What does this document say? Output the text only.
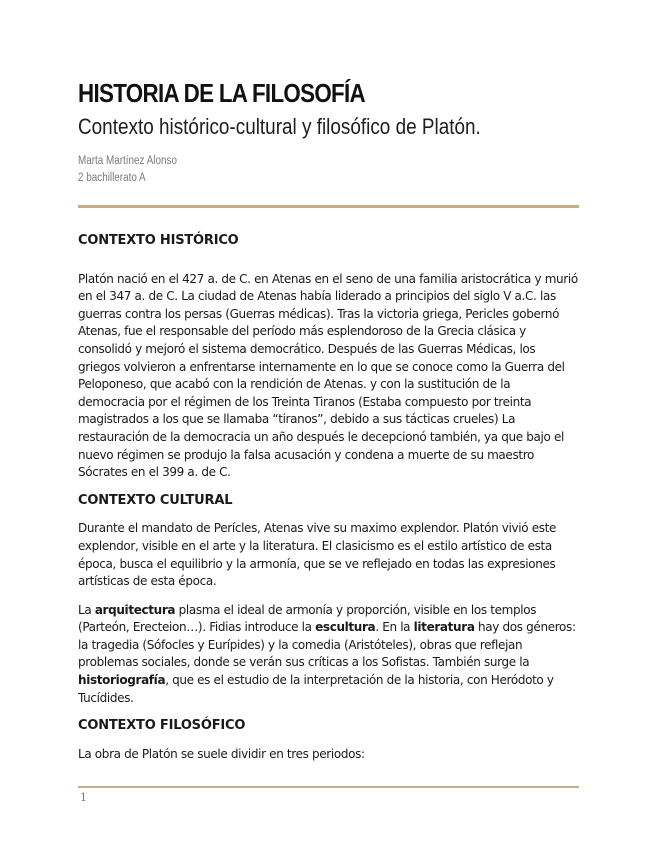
HISTORIA DE LA FILOSOFÍA
Contexto histórico-cultural y filosófico de Platón.
Marta Martínez Alonso
2 bachillerato A
CONTEXTO HISTÓRICO

Platón nació en el 427 a. de C. en Atenas en el seno de una familia aristocrática y murió en el 347 a. de C. La ciudad de Atenas había liderado a principios del siglo V a.C. las guerras contra los persas (Guerras médicas). Tras la victoria griega, Pericles gobernó Atenas, fue el responsable del período más esplendoroso de la Grecia clásica y consolidó y mejoró el sistema democrático. Después de las Guerras Médicas, los griegos volvieron a enfrentarse internamente en lo que se conoce como la Guerra del Peloponeso, que acabó con la rendición de Atenas. y con la sustitución de la democracia por el régimen de los Treinta Tiranos (Estaba compuesto por treinta magistrados a los que se llamaba “tiranos”, debido a sus tácticas crueles) La restauración de la democracia un año después le decepcionó también, ya que bajo el nuevo régimen se produjo la falsa acusación y condena a muerte de su maestro Sócrates en el 399 a. de C.

CONTEXTO CULTURAL

Durante el mandato de Perícles, Atenas vive su maximo explendor. Platón vivió este explendor, visible en el arte y la literatura. El clasicismo es el estilo artístico de esta época, busca el equilibrio y la armonía, que se ve reflejado en todas las expresiones artísticas de esta época.

La arquitectura plasma el ideal de armonía y proporción, visible en los templos (Parteón, Erecteion…). Fidias introduce la escultura. En la literatura hay dos géneros: la tragedia (Sófocles y Eurípides) y la comedia (Aristóteles), obras que reflejan problemas sociales, donde se verán sus críticas a los Sofistas. También surge la historiografía, que es el estudio de la interpretación de la historia, con Heródoto y Tucídides.

CONTEXTO FILOSÓFICO

La obra de Platón se suele dividir en tres periodos:

1
